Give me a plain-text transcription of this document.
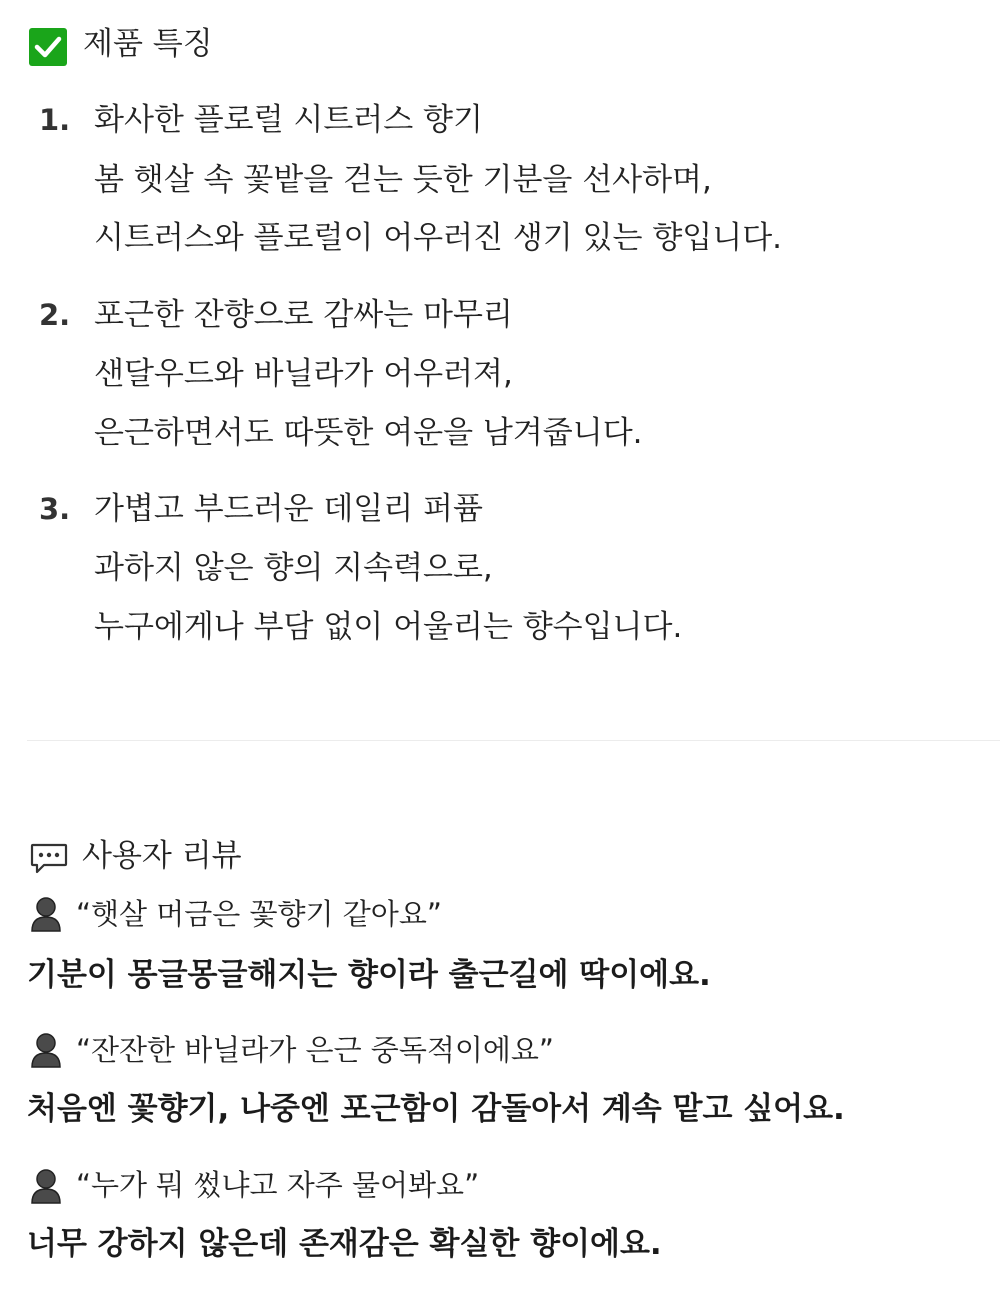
제품 특징
1. 화사한 플로럴 시트러스 향기
봄 햇살 속 꽃밭을 걷는 듯한 기분을 선사하며,
시트러스와 플로럴이 어우러진 생기 있는 향입니다.
2. 포근한 잔향으로 감싸는 마무리
샌달우드와 바닐라가 어우러져,
은근하면서도 따뜻한 여운을 남겨줍니다.
3. 가볍고 부드러운 데일리 퍼퓸
과하지 않은 향의 지속력으로,
누구에게나 부담 없이 어울리는 향수입니다.
사용자 리뷰
“햇살 머금은 꽃향기 같아요”
기분이 몽글몽글해지는 향이라 출근길에 딱이에요.
“잔잔한 바닐라가 은근 중독적이에요”
처음엔 꽃향기, 나중엔 포근함이 감돌아서 계속 맡고 싶어요.
“누가 뭐 썼냐고 자주 물어봐요”
너무 강하지 않은데 존재감은 확실한 향이에요.
